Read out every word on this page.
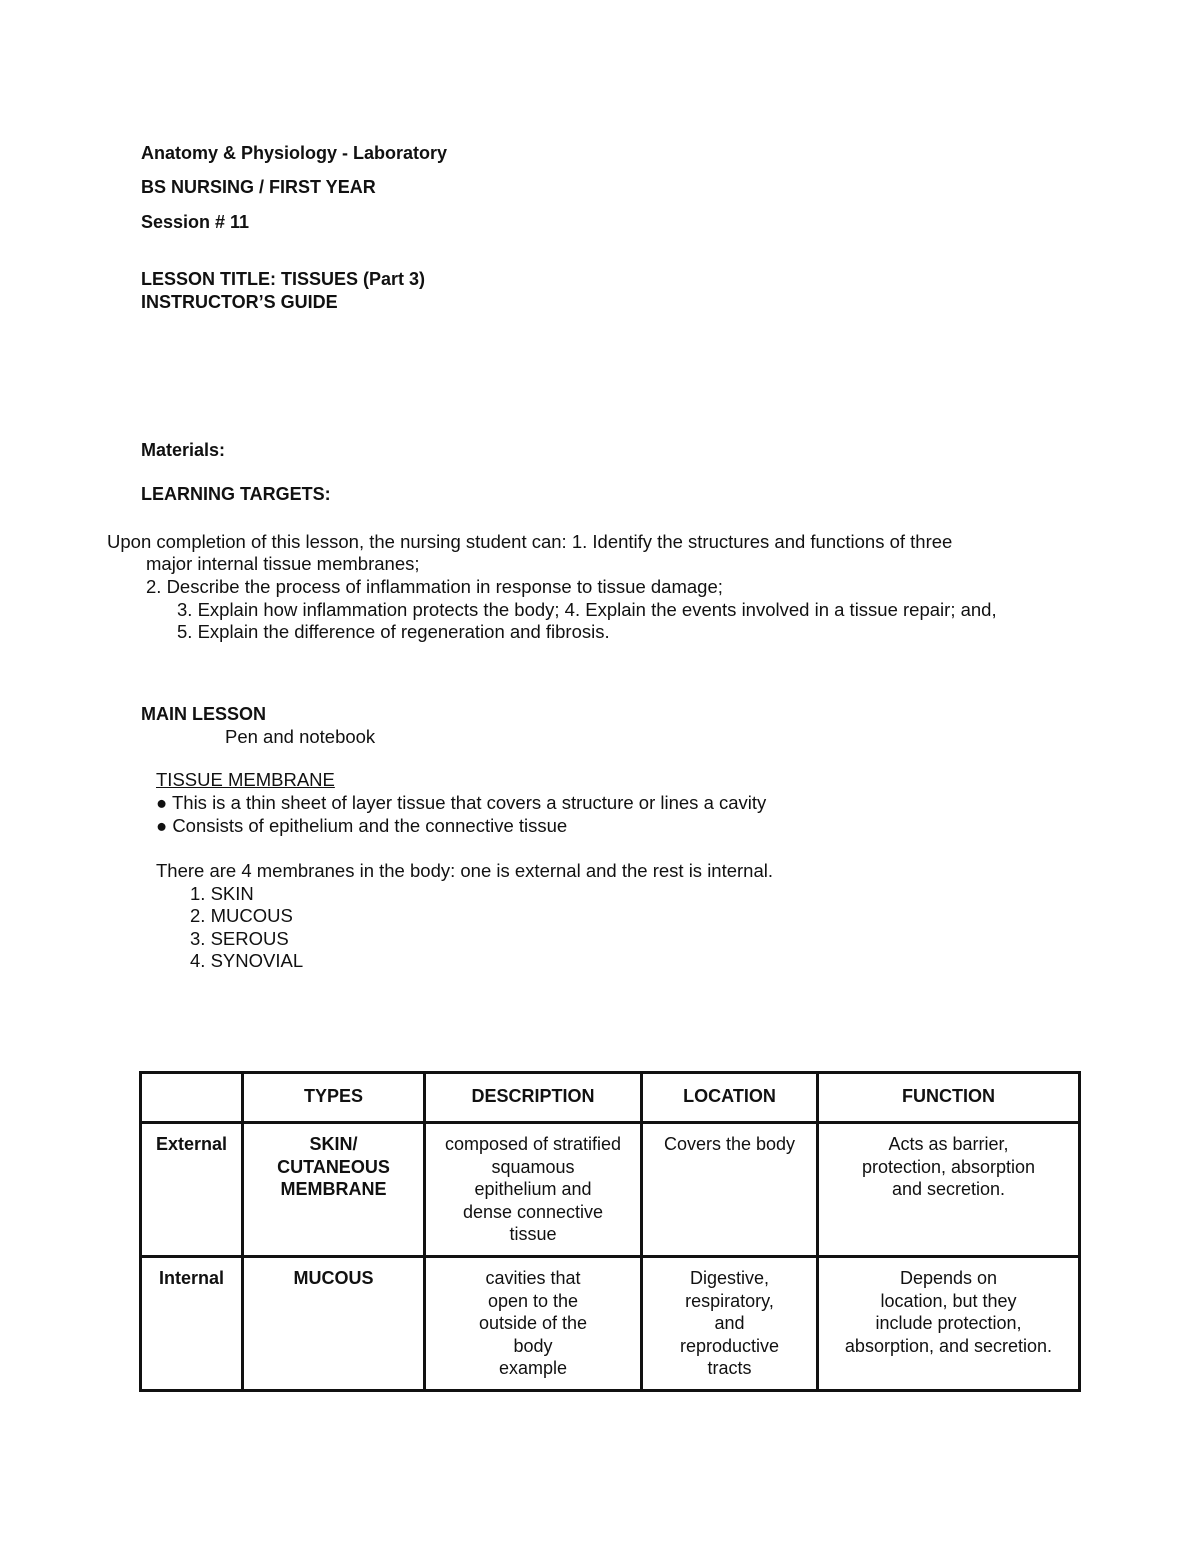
Anatomy & Physiology - Laboratory
BS NURSING / FIRST YEAR
Session # 11
LESSON TITLE: TISSUES (Part 3)
INSTRUCTOR’S GUIDE
Materials:
LEARNING TARGETS:
Upon completion of this lesson, the nursing student can: 1. Identify the structures and functions of three
major internal tissue membranes;
2. Describe the process of inflammation in response to tissue damage;
3. Explain how inflammation protects the body; 4. Explain the events involved in a tissue repair; and,
5. Explain the difference of regeneration and fibrosis.
MAIN LESSON
Pen and notebook
TISSUE MEMBRANE
● This is a thin sheet of layer tissue that covers a structure or lines a cavity
● Consists of epithelium and the connective tissue
There are 4 membranes in the body: one is external and the rest is internal.
1. SKIN
2. MUCOUS
3. SEROUS
4. SYNOVIAL
	TYPES	DESCRIPTION	LOCATION	FUNCTION

External	SKIN/
CUTANEOUS
MEMBRANE	composed of stratified
squamous
epithelium and
dense connective
tissue	Covers the body	Acts as barrier,
protection, absorption
and secretion.

Internal	MUCOUS	cavities that
open to the
outside of the
body
example	Digestive,
respiratory,
and
reproductive
tracts	Depends on
location, but they
include protection,
absorption, and secretion.
